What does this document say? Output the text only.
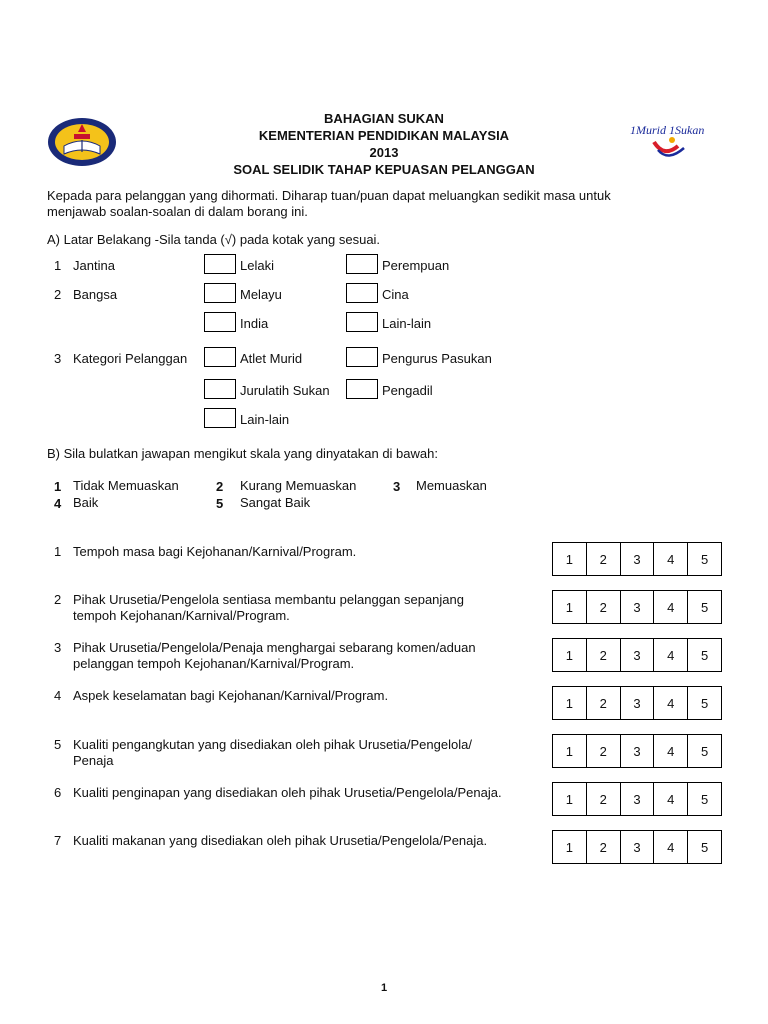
BAHAGIAN SUKAN
KEMENTERIAN PENDIDIKAN MALAYSIA
2013
SOAL SELIDIK TAHAP KEPUASAN PELANGGAN
1Murid 1Sukan
Kepada para pelanggan yang dihormati. Diharap tuan/puan dapat meluangkan sedikit masa untuk
menjawab soalan-soalan di dalam borang ini.
A) Latar Belakang -Sila tanda (√) pada kotak yang sesuai.
1 Jantina	Lelaki	Perempuan
2 Bangsa	Melayu	Cina
India	Lain-lain
3 Kategori Pelanggan	Atlet Murid	Pengurus Pasukan
Jurulatih Sukan	Pengadil
Lain-lain
B) Sila bulatkan jawapan mengikut skala yang dinyatakan di bawah:
1 Tidak Memuaskan	2 Kurang Memuaskan	3 Memuaskan
4 Baik	5 Sangat Baik
1 Tempoh masa bagi Kejohanan/Karnival/Program.	1	2	3	4	5
2 Pihak Urusetia/Pengelola sentiasa membantu pelanggan sepanjang
tempoh Kejohanan/Karnival/Program.
1	2	3	4	5
3 Pihak Urusetia/Pengelola/Penaja menghargai sebarang komen/aduan
pelanggan tempoh Kejohanan/Karnival/Program.
1	2	3	4	5
4 Aspek keselamatan bagi Kejohanan/Karnival/Program.	1	2	3	4	5
5 Kualiti pengangkutan yang disediakan oleh pihak Urusetia/Pengelola/
Penaja
1	2	3	4	5
6 Kualiti penginapan yang disediakan oleh pihak Urusetia/Pengelola/Penaja.	1	2	3	4	5
7 Kualiti makanan yang disediakan oleh pihak Urusetia/Pengelola/Penaja.	1	2	3	4	5
1
